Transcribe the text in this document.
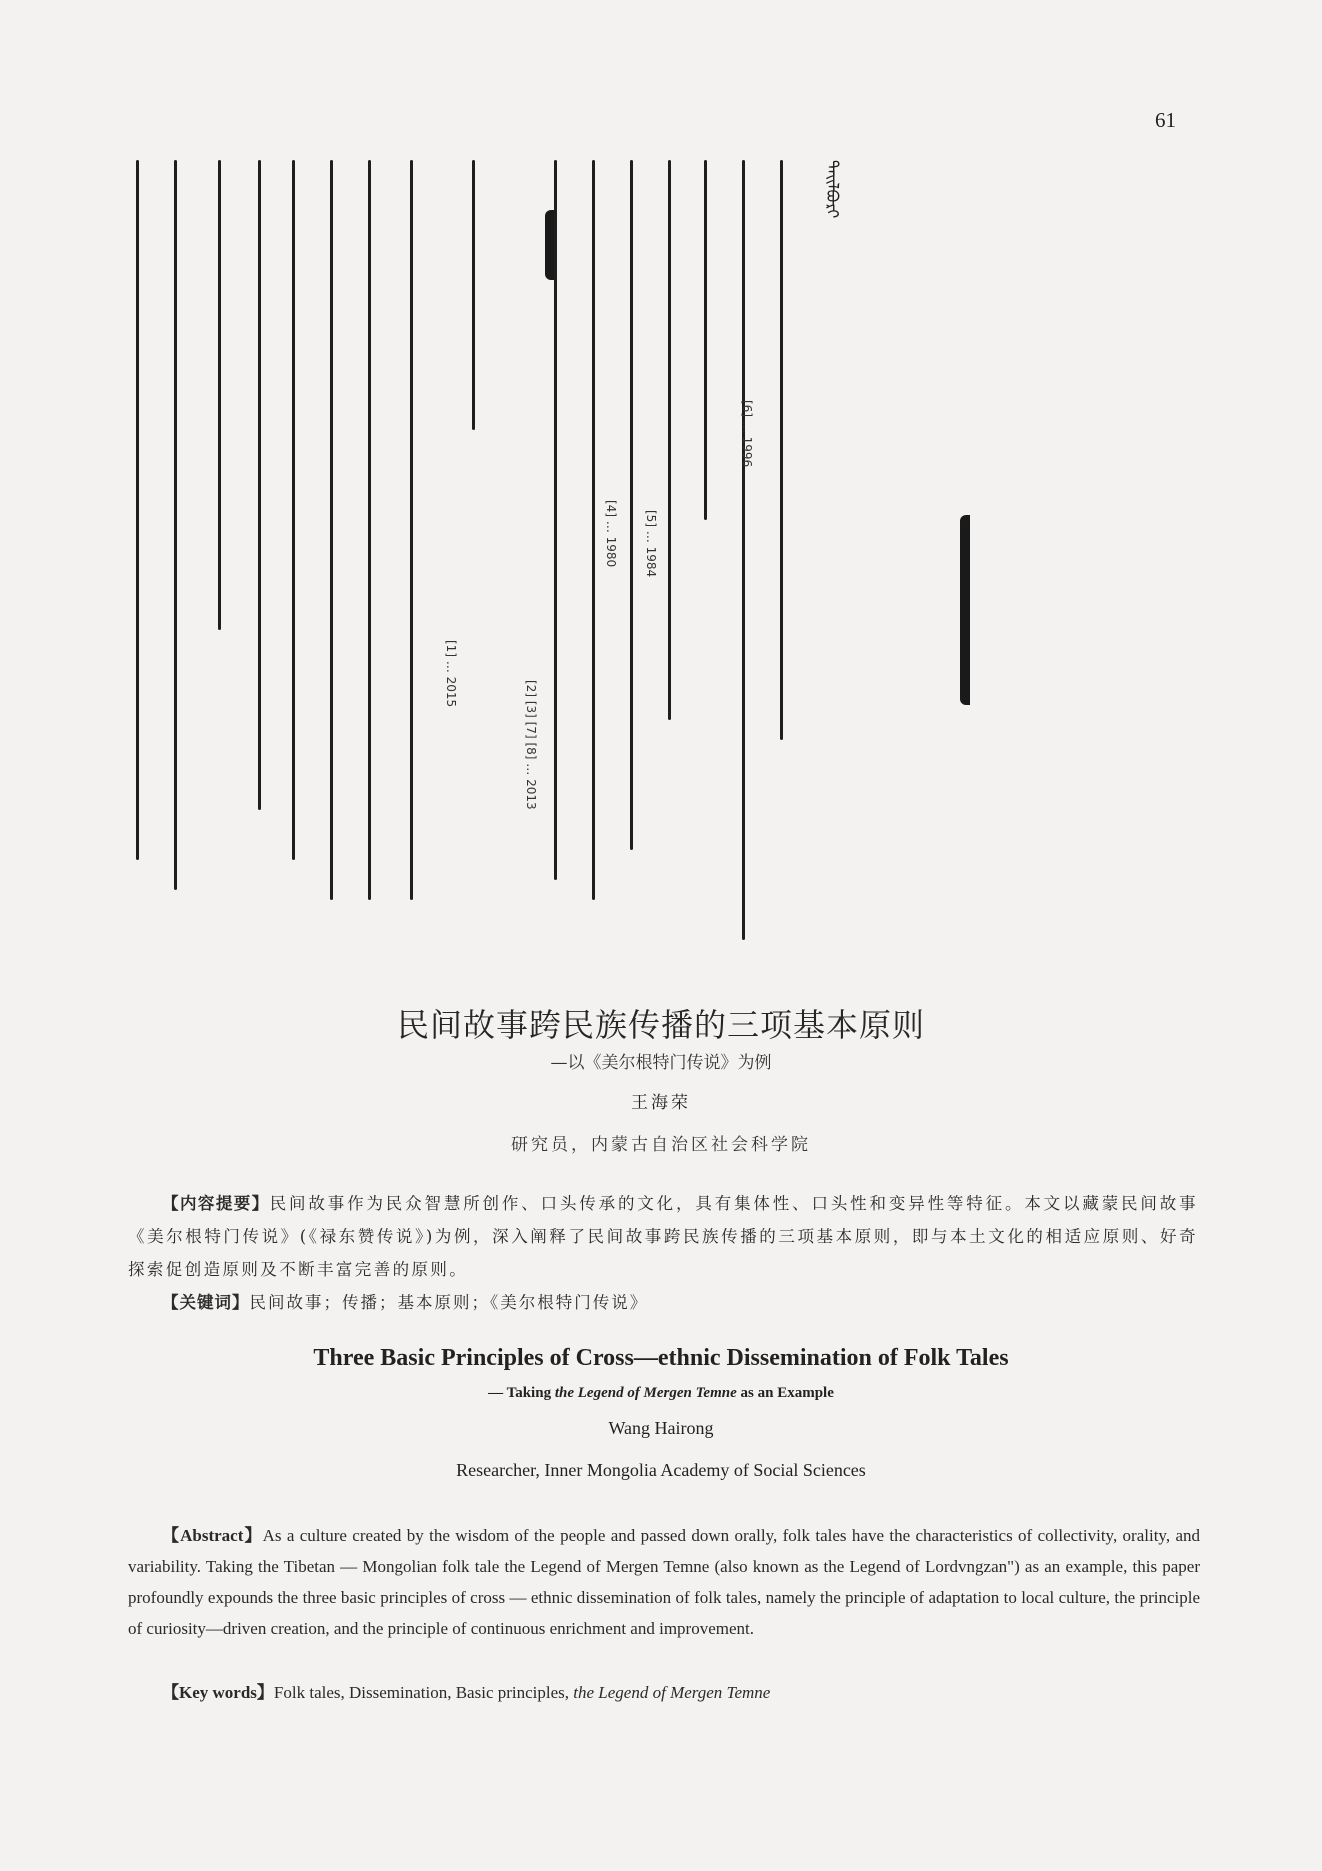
61
[6] … 1996
[5] … 1984
[4] … 1980
[2] [3] [7] [8] … 2013
[1] … 2015
ᠲᠠᠢᠯᠪᠤᠷᠢ
民间故事跨民族传播的三项基本原则
—以《美尔根特门传说》为例
王海荣
研究员，内蒙古自治区社会科学院
【内容提要】民间故事作为民众智慧所创作、口头传承的文化，具有集体性、口头性和变异性等特征。本文以藏蒙民间故事《美尔根特门传说》(《禄东赞传说》)为例，深入阐释了民间故事跨民族传播的三项基本原则，即与本土文化的相适应原则、好奇探索促创造原则及不断丰富完善的原则。
【关键词】民间故事；传播；基本原则；《美尔根特门传说》
Three Basic Principles of Cross—ethnic Dissemination of Folk Tales
— Taking the Legend of Mergen Temne as an Example
Wang Hairong
Researcher, Inner Mongolia Academy of Social Sciences
【Abstract】As a culture created by the wisdom of the people and passed down orally, folk tales have the characteristics of collectivity, orality, and variability. Taking the Tibetan — Mongolian folk tale the Legend of Mergen Temne (also known as the Legend of Lordvngzan") as an example, this paper profoundly expounds the three basic principles of cross — ethnic dissemination of folk tales, namely the principle of adaptation to local culture, the principle of curiosity—driven creation, and the principle of continuous enrichment and improvement.
【Key words】Folk tales, Dissemination, Basic principles, the Legend of Mergen Temne
